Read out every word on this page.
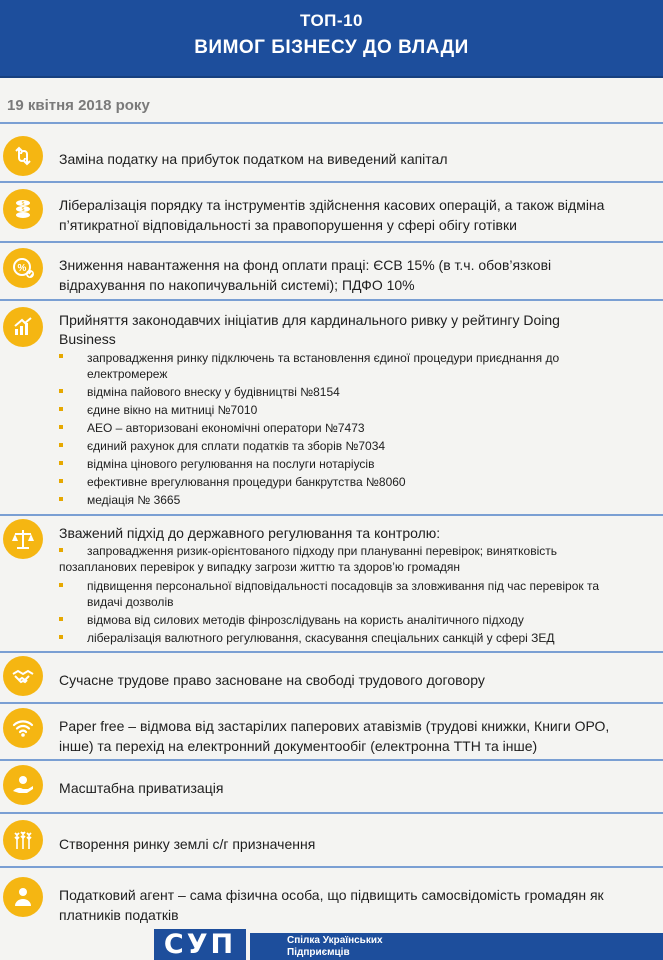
ТОП-10
ВИМОГ БІЗНЕСУ ДО ВЛАДИ
19 квітня 2018 року
Заміна податку на прибуток податком на виведений капітал
$
$ Лібералізація порядку та інструментів здійснення касових операцій, а також відміна
п’ятикратної відповідальності за правопорушення у сфері обігу готівки
% Зниження навантаження на фонд оплати праці: ЄСВ 15% (в т.ч. обов’язкові
відрахування по накопичувальній системі); ПДФО 10%
Прийняття законодавчих ініціатив для кардинального ривку у рейтингу Doing
Business
запровадження ринку підключень та встановлення єдиної процедури приєднання до
електромереж
відміна пайового внеску у будівництві №8154
єдине вікно на митниці №7010
АЕО – авторизовані економічні оператори №7473
єдиний рахунок для сплати податків та зборів №7034
відміна цінового регулювання на послуги нотаріусів
ефективне врегулювання процедури банкрутства №8060
медіація № 3665
Зважений підхід до державного регулювання та контролю:
запровадження ризик-орієнтованого підходу при плануванні перевірок; винятковість
позапланових перевірок у випадку загрози життю та здоров’ю громадян
підвищення персональної відповідальності посадовців за зловживання під час перевірок та
видачі дозволів
відмова від силових методів фінрозслідувань на користь аналітичного підходу
лібералізація валютного регулювання, скасування спеціальних санкцій у сфері ЗЕД
Сучасне трудове право засноване на свободі трудового договору
Paper free – відмова від застарілих паперових атавізмів (трудові книжки, Книги ОРО,
інше) та перехід на електронний документообіг (електронна ТТН та інше)
Масштабна приватизація
Створення ринку землі с/г призначення
Податковий агент – сама фізична особа, що підвищить самосвідомість громадян як
платників податків
СУП	Спілка Українських
Підприємців
